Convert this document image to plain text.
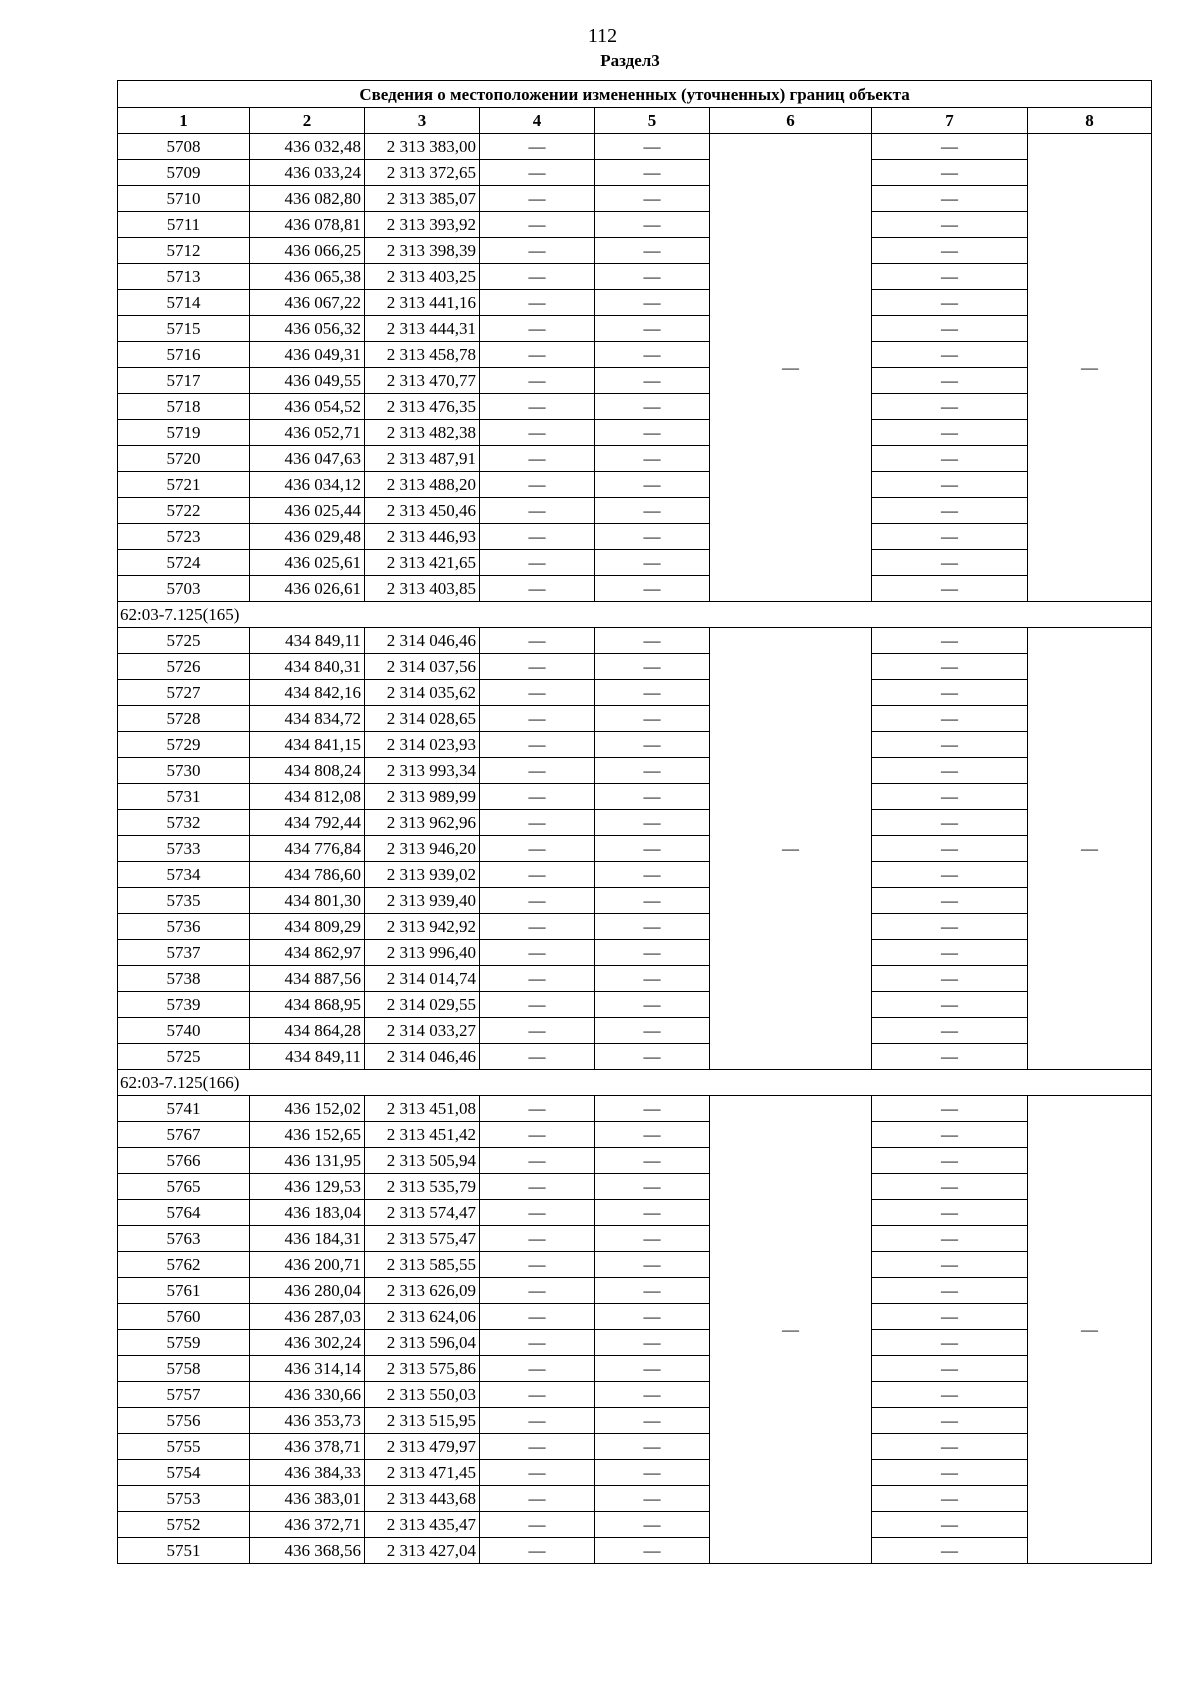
112
Раздел3
Сведения о местоположении измененных (уточненных) границ объекта							
1	2	3	4	5	6	7	8
5708	436 032,48	2 313 383,00	—	—	—	—	—
5709	436 033,24	2 313 372,65	—	—		—	
5710	436 082,80	2 313 385,07	—	—		—	
5711	436 078,81	2 313 393,92	—	—		—	
5712	436 066,25	2 313 398,39	—	—		—	
5713	436 065,38	2 313 403,25	—	—		—	
5714	436 067,22	2 313 441,16	—	—		—	
5715	436 056,32	2 313 444,31	—	—		—	
5716	436 049,31	2 313 458,78	—	—		—	
5717	436 049,55	2 313 470,77	—	—		—	
5718	436 054,52	2 313 476,35	—	—		—	
5719	436 052,71	2 313 482,38	—	—		—	
5720	436 047,63	2 313 487,91	—	—		—	
5721	436 034,12	2 313 488,20	—	—		—	
5722	436 025,44	2 313 450,46	—	—		—	
5723	436 029,48	2 313 446,93	—	—		—	
5724	436 025,61	2 313 421,65	—	—		—	
5703	436 026,61	2 313 403,85	—	—		—	
62:03-7.125(165)							
5725	434 849,11	2 314 046,46	—	—	—	—	—
5726	434 840,31	2 314 037,56	—	—		—	
5727	434 842,16	2 314 035,62	—	—		—	
5728	434 834,72	2 314 028,65	—	—		—	
5729	434 841,15	2 314 023,93	—	—		—	
5730	434 808,24	2 313 993,34	—	—		—	
5731	434 812,08	2 313 989,99	—	—		—	
5732	434 792,44	2 313 962,96	—	—		—	
5733	434 776,84	2 313 946,20	—	—		—	
5734	434 786,60	2 313 939,02	—	—		—	
5735	434 801,30	2 313 939,40	—	—		—	
5736	434 809,29	2 313 942,92	—	—		—	
5737	434 862,97	2 313 996,40	—	—		—	
5738	434 887,56	2 314 014,74	—	—		—	
5739	434 868,95	2 314 029,55	—	—		—	
5740	434 864,28	2 314 033,27	—	—		—	
5725	434 849,11	2 314 046,46	—	—		—	
62:03-7.125(166)							
5741	436 152,02	2 313 451,08	—	—	—	—	—
5767	436 152,65	2 313 451,42	—	—		—	
5766	436 131,95	2 313 505,94	—	—		—	
5765	436 129,53	2 313 535,79	—	—		—	
5764	436 183,04	2 313 574,47	—	—		—	
5763	436 184,31	2 313 575,47	—	—		—	
5762	436 200,71	2 313 585,55	—	—		—	
5761	436 280,04	2 313 626,09	—	—		—	
5760	436 287,03	2 313 624,06	—	—		—	
5759	436 302,24	2 313 596,04	—	—		—	
5758	436 314,14	2 313 575,86	—	—		—	
5757	436 330,66	2 313 550,03	—	—		—	
5756	436 353,73	2 313 515,95	—	—		—	
5755	436 378,71	2 313 479,97	—	—		—	
5754	436 384,33	2 313 471,45	—	—		—	
5753	436 383,01	2 313 443,68	—	—		—	
5752	436 372,71	2 313 435,47	—	—		—	
5751	436 368,56	2 313 427,04	—	—		—	
